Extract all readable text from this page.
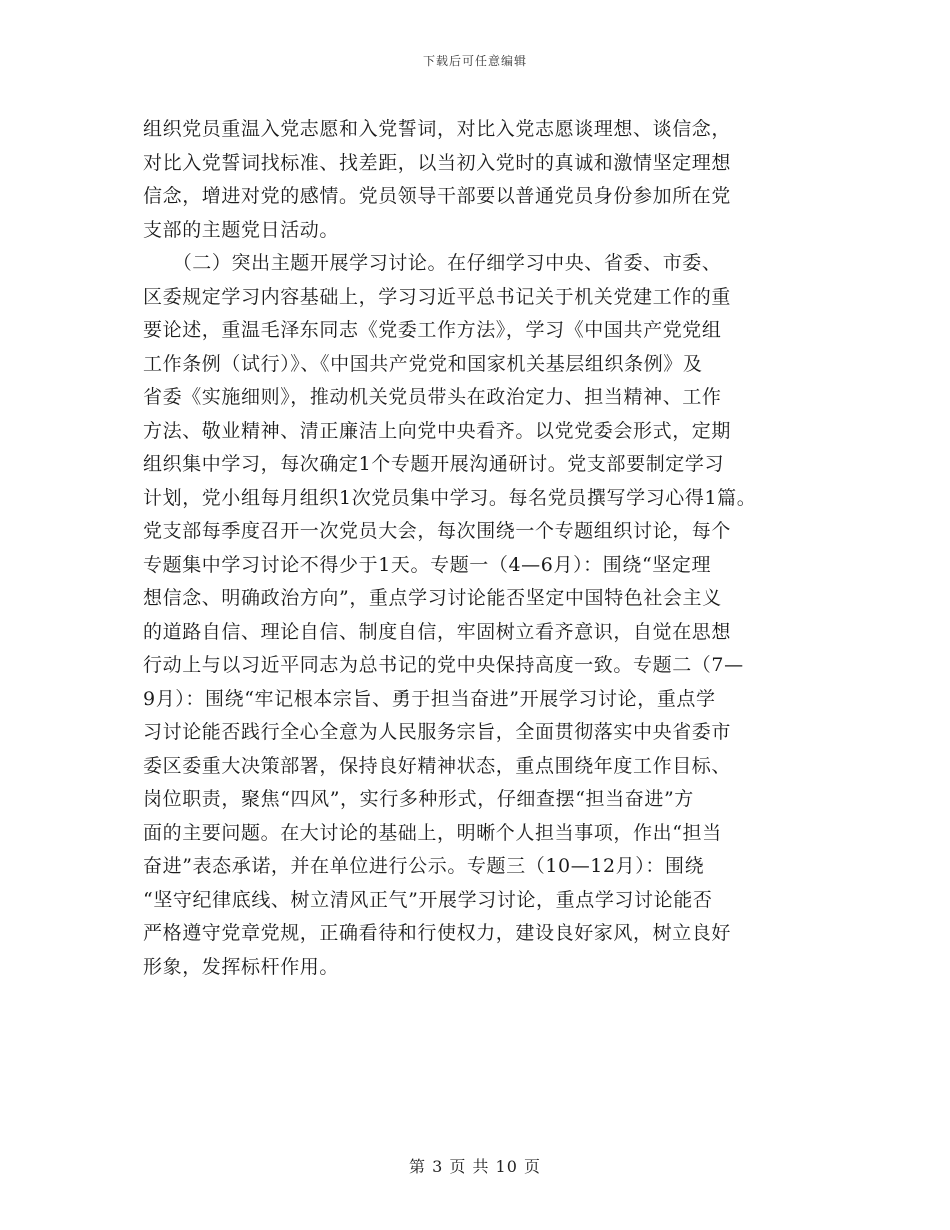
下载后可任意编辑
组织党员重温入党志愿和入党誓词，对比入党志愿谈理想、谈信念，
对比入党誓词找标准、找差距，以当初入党时的真诚和激情坚定理想
信念，增进对党的感情。党员领导干部要以普通党员身份参加所在党
支部的主题党日活动。
　　（二）突出主题开展学习讨论。在仔细学习中央、省委、市委、
区委规定学习内容基础上，学习习近平总书记关于机关党建工作的重
要论述，重温毛泽东同志《党委工作方法》，学习《中国共产党党组
工作条例（试行）》、《中国共产党党和国家机关基层组织条例》及
省委《实施细则》，推动机关党员带头在政治定力、担当精神、工作
方法、敬业精神、清正廉洁上向党中央看齐。以党党委会形式，定期
组织集中学习，每次确定1个专题开展沟通研讨。党支部要制定学习
计划，党小组每月组织1次党员集中学习。每名党员撰写学习心得1篇。
党支部每季度召开一次党员大会，每次围绕一个专题组织讨论，每个
专题集中学习讨论不得少于1天。专题一（4—6月）：围绕“坚定理
想信念、明确政治方向”，重点学习讨论能否坚定中国特色社会主义
的道路自信、理论自信、制度自信，牢固树立看齐意识，自觉在思想
行动上与以习近平同志为总书记的党中央保持高度一致。专题二（7—
9月）：围绕“牢记根本宗旨、勇于担当奋进”开展学习讨论，重点学
习讨论能否践行全心全意为人民服务宗旨，全面贯彻落实中央省委市
委区委重大决策部署，保持良好精神状态，重点围绕年度工作目标、
岗位职责，聚焦“四风”，实行多种形式，仔细查摆“担当奋进”方
面的主要问题。在大讨论的基础上，明晰个人担当事项，作出“担当
奋进”表态承诺，并在单位进行公示。专题三（10—12月）：围绕
“坚守纪律底线、树立清风正气”开展学习讨论，重点学习讨论能否
严格遵守党章党规，正确看待和行使权力，建设良好家风，树立良好
形象，发挥标杆作用。
第 3 页 共 10 页
